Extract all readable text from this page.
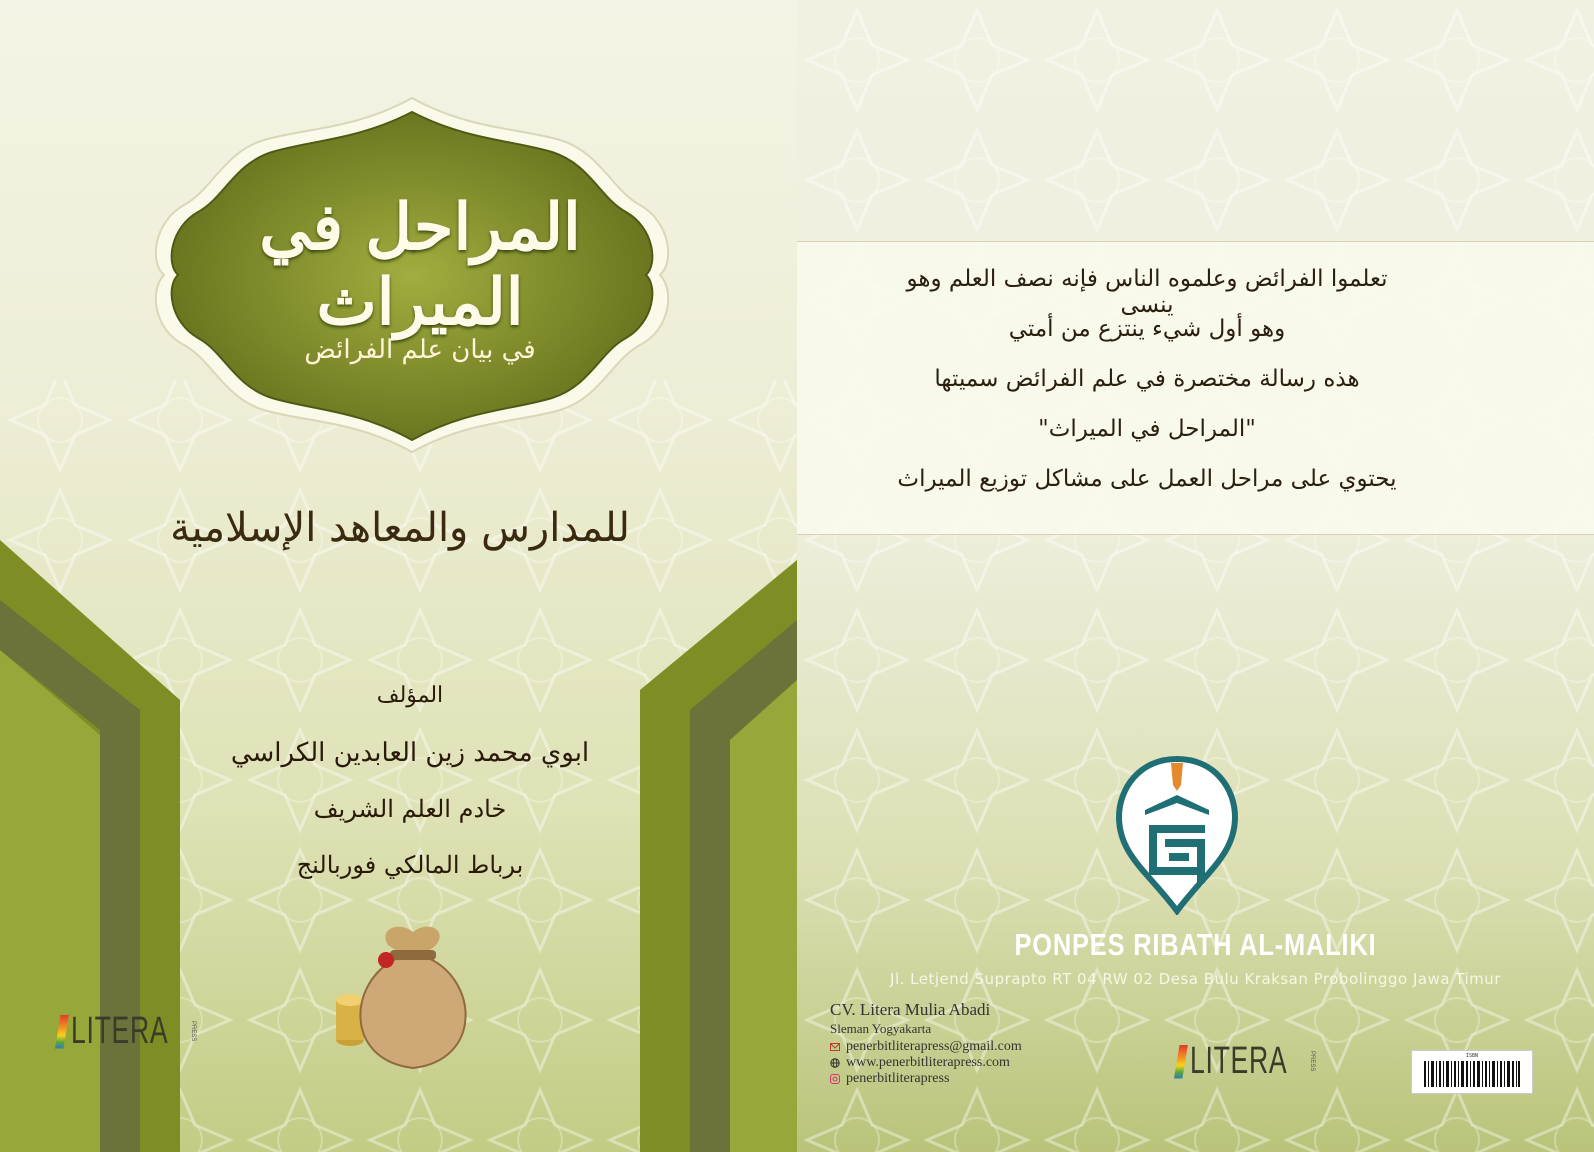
المراحل في الميراث
في بيان علم الفرائض
للمدارس والمعاهد الإسلامية
المؤلف
ابوي محمد زين العابدين الكراسي
خادم العلم الشريف
برباط المالكي فوربالنج
LITERA	PRESS
تعلموا الفرائض وعلموه الناس فإنه نصف العلم وهو ينسى
وهو أول شيء ينتزع من أمتي
هذه رسالة مختصرة في علم الفرائض سميتها
"المراحل في الميراث"
يحتوي على مراحل العمل على مشاكل توزيع الميراث
PONPES RIBATH AL-MALIKI
Jl. Letjend Suprapto RT 04 RW 02 Desa Bulu Kraksan Probolinggo Jawa Timur
CV. Litera Mulia Abadi
Sleman Yogyakarta
penerbitliterapress@gmail.com
www.penerbitliterapress.com
penerbitliterapress	LITERA	PRESS	ISBN
